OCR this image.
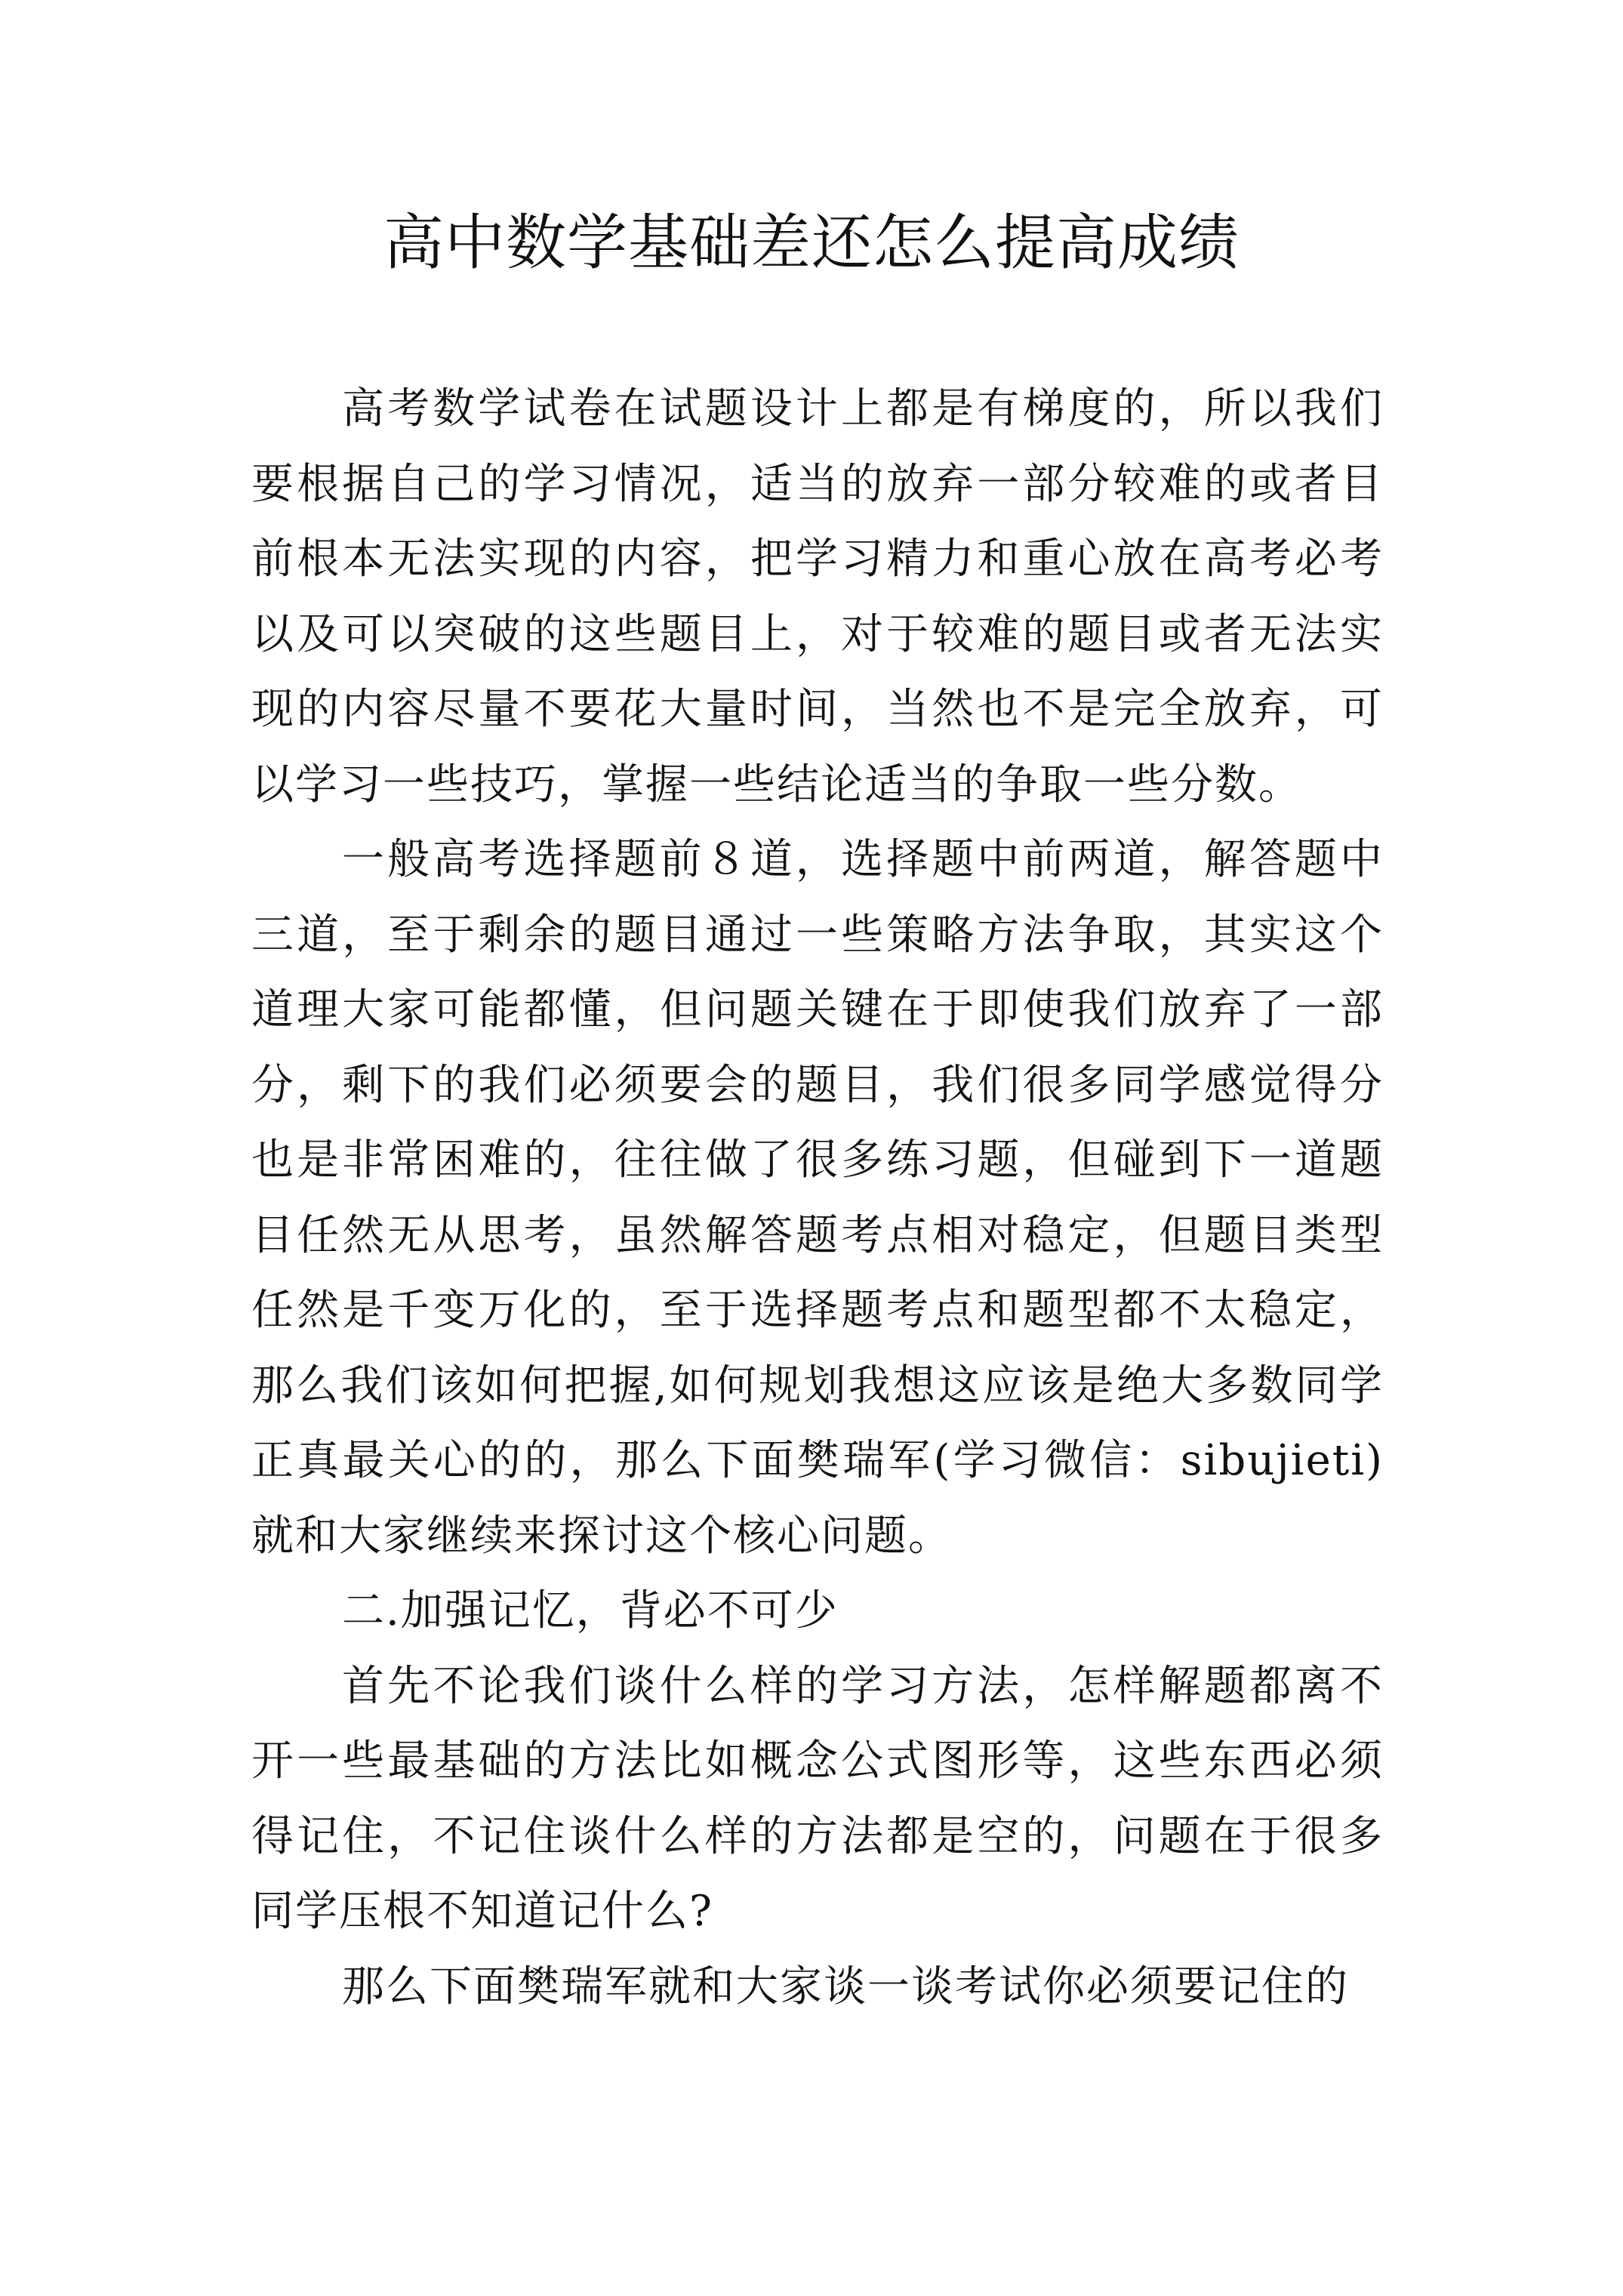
高中数学基础差还怎么提高成绩

高考数学试卷在试题设计上都是有梯度的，所以我们要根据自己的学习情况，适当的放弃一部分较难的或者目前根本无法实现的内容，把学习精力和重心放在高考必考以及可以突破的这些题目上，对于较难的题目或者无法实现的内容尽量不要花大量时间，当然也不是完全放弃，可以学习一些技巧，掌握一些结论适当的争取一些分数。

一般高考选择题前８道，选择题中前两道，解答题中三道，至于剩余的题目通过一些策略方法争取，其实这个道理大家可能都懂，但问题关键在于即使我们放弃了一部分，剩下的我们必须要会的题目，我们很多同学感觉得分也是非常困难的，往往做了很多练习题，但碰到下一道题目任然无从思考，虽然解答题考点相对稳定，但题目类型任然是千变万化的，至于选择题考点和题型都不太稳定，那么我们该如何把握,如何规划我想这应该是绝大多数同学正真最关心的的，那么下面樊瑞军(学习微信：sibujieti)就和大家继续来探讨这个核心问题。

二.加强记忆，背必不可少

首先不论我们谈什么样的学习方法，怎样解题都离不开一些最基础的方法比如概念公式图形等，这些东西必须得记住，不记住谈什么样的方法都是空的，问题在于很多同学压根不知道记什么?

那么下面樊瑞军就和大家谈一谈考试你必须要记住的
